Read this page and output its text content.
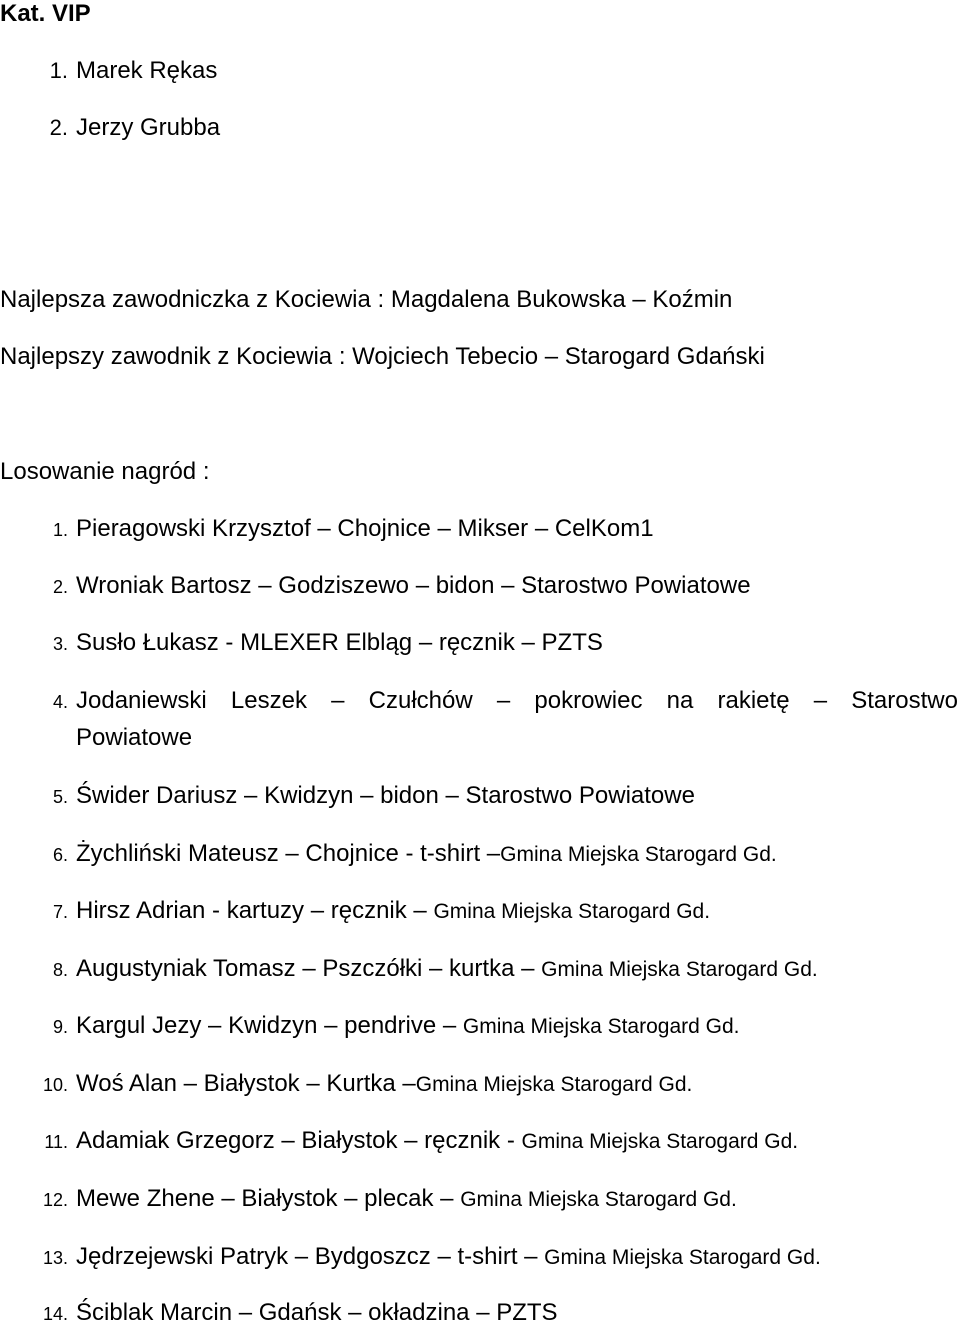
Kat. VIP
1. Marek Rękas
2. Jerzy Grubba
Najlepsza zawodniczka z Kociewia : Magdalena Bukowska – Koźmin
Najlepszy zawodnik z Kociewia : Wojciech Tebecio – Starogard Gdański
Losowanie nagród :
1. Pieragowski Krzysztof – Chojnice – Mikser – CelKom1
2. Wroniak Bartosz – Godziszewo – bidon – Starostwo Powiatowe
3. Susło Łukasz - MLEXER Elbląg – ręcznik – PZTS
4. Jodaniewski Leszek – Czułchów – pokrowiec na rakietę – Starostwo
Powiatowe
5. Świder Dariusz – Kwidzyn – bidon – Starostwo Powiatowe
6. Żychliński Mateusz – Chojnice - t-shirt –Gmina Miejska Starogard Gd.
7. Hirsz Adrian - kartuzy – ręcznik – Gmina Miejska Starogard Gd.
8. Augustyniak Tomasz – Pszczółki – kurtka – Gmina Miejska Starogard Gd.
9. Kargul Jezy – Kwidzyn – pendrive – Gmina Miejska Starogard Gd.
10. Woś Alan – Białystok – Kurtka –Gmina Miejska Starogard Gd.
11. Adamiak Grzegorz – Białystok – ręcznik - Gmina Miejska Starogard Gd.
12. Mewe Zhene – Białystok – plecak – Gmina Miejska Starogard Gd.
13. Jędrzejewski Patryk – Bydgoszcz – t-shirt – Gmina Miejska Starogard Gd.
14. Ściblak Marcin – Gdańsk – okładzina – PZTS
